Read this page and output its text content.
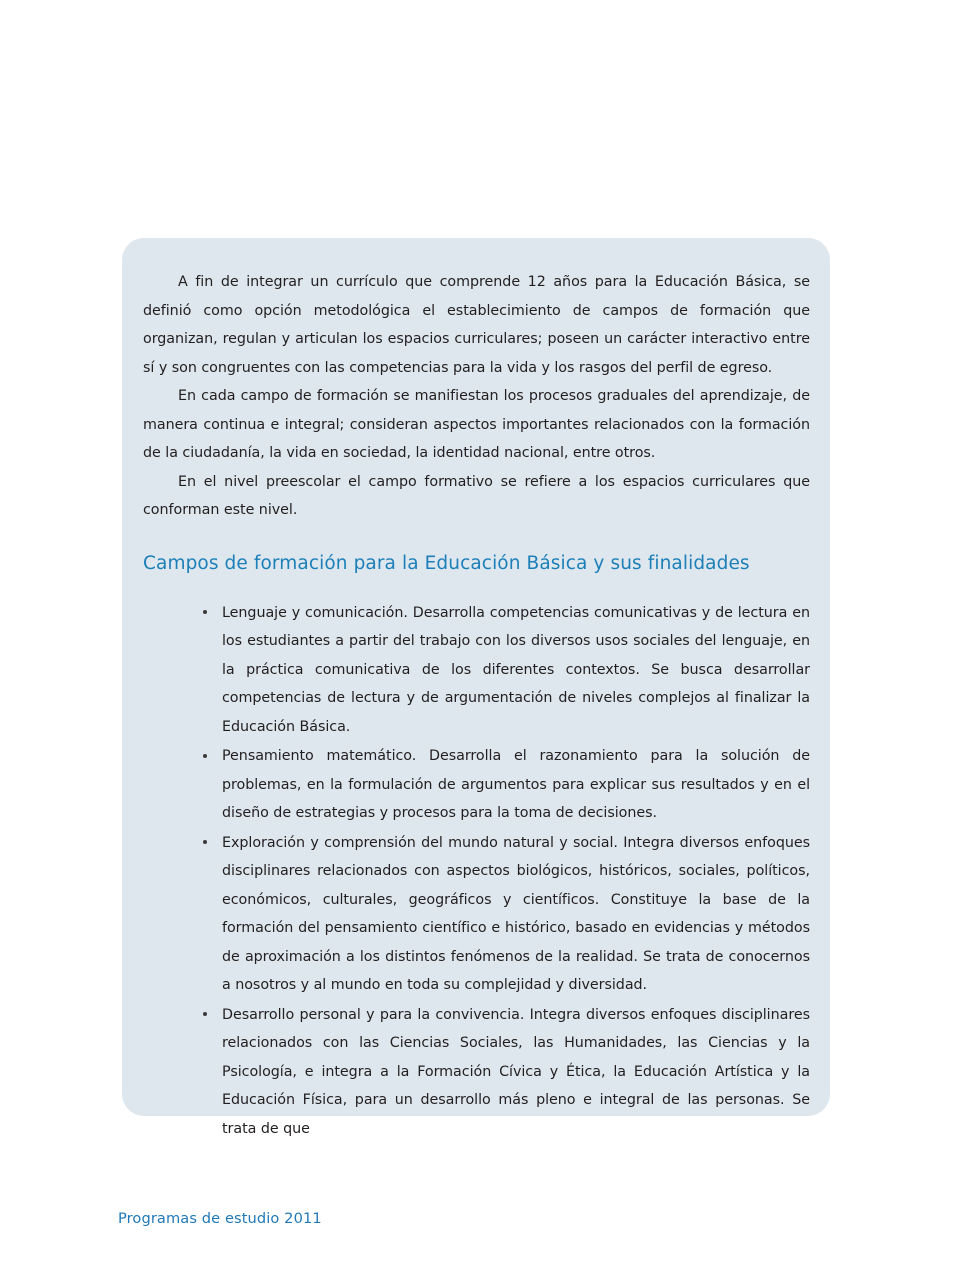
A fin de integrar un currículo que comprende 12 años para la Educación Básica, se definió como opción metodológica el establecimiento de campos de formación que organizan, regulan y articulan los espacios curriculares; poseen un carácter interactivo entre sí y son congruentes con las competencias para la vida y los rasgos del perfil de egreso.

En cada campo de formación se manifiestan los procesos graduales del aprendizaje, de manera continua e integral; consideran aspectos importantes relacionados con la formación de la ciudadanía, la vida en sociedad, la identidad nacional, entre otros.

En el nivel preescolar el campo formativo se refiere a los espacios curriculares que conforman este nivel.

Campos de formación para la Educación Básica y sus finalidades
Lenguaje y comunicación. Desarrolla competencias comunicativas y de lectura en los estudiantes a partir del trabajo con los diversos usos sociales del lenguaje, en la práctica comunicativa de los diferentes contextos. Se busca desarrollar competencias de lectura y de argumentación de niveles complejos al finalizar la Educación Básica.
Pensamiento matemático. Desarrolla el razonamiento para la solución de problemas, en la formulación de argumentos para explicar sus resultados y en el diseño de estrategias y procesos para la toma de decisiones.
Exploración y comprensión del mundo natural y social. Integra diversos enfoques disciplinares relacionados con aspectos biológicos, históricos, sociales, políticos, económicos, culturales, geográficos y científicos. Constituye la base de la formación del pensamiento científico e histórico, basado en evidencias y métodos de aproximación a los distintos fenómenos de la realidad. Se trata de conocernos a nosotros y al mundo en toda su complejidad y diversidad.
Desarrollo personal y para la convivencia. Integra diversos enfoques disciplinares relacionados con las Ciencias Sociales, las Humanidades, las Ciencias y la Psicología, e integra a la Formación Cívica y Ética, la Educación Artística y la Educación Física, para un desarrollo más pleno e integral de las personas. Se trata de que
Programas de estudio 2011
